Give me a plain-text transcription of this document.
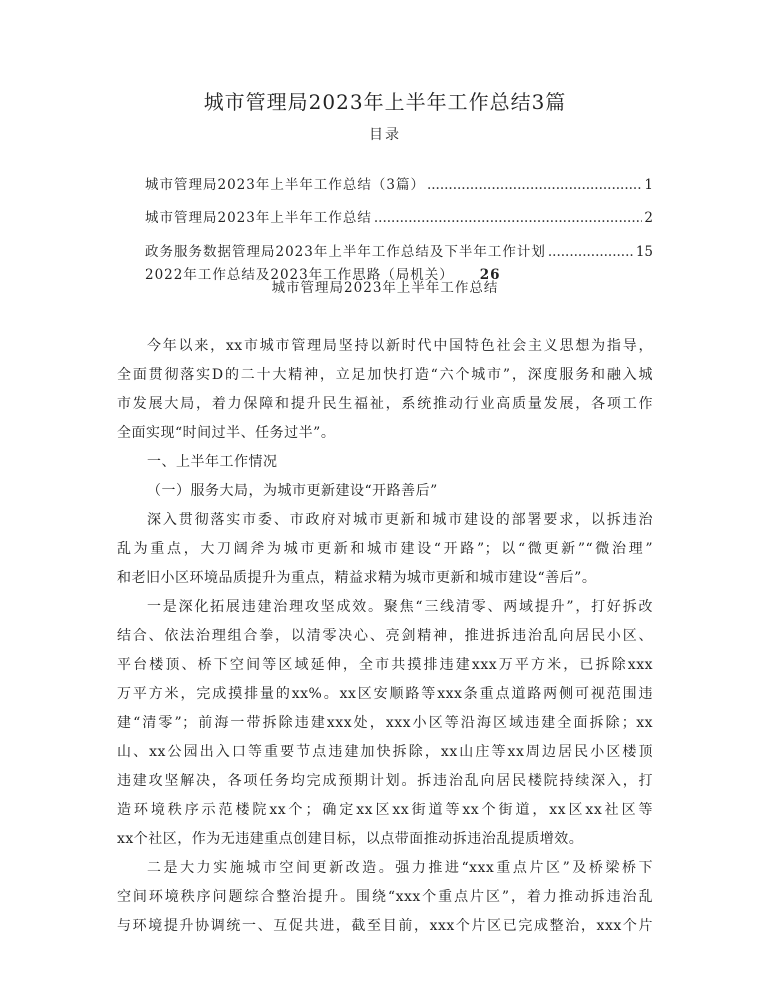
城市管理局2023年上半年工作总结3篇
目录
城市管理局2023年上半年工作总结（3篇） .....	1
城市管理局2023年上半年工作总结 .....	2
政务服务数据管理局2023年上半年工作总结及下半年工作计划 .....	15
2022年工作总结及2023年工作思路（局机关） 26
城市管理局2023年上半年工作总结
今年以来，xx市城市管理局坚持以新时代中国特色社会主义思想为指导，
全面贯彻落实D的二十大精神，立足加快打造“六个城市”，深度服务和融入城
市发展大局，着力保障和提升民生福祉，系统推动行业高质量发展，各项工作
全面实现“时间过半、任务过半”。
一、上半年工作情况
（一）服务大局，为城市更新建设“开路善后”
深入贯彻落实市委、市政府对城市更新和城市建设的部署要求，以拆违治
乱为重点，大刀阔斧为城市更新和城市建设“开路”；以“微更新”“微治理”
和老旧小区环境品质提升为重点，精益求精为城市更新和城市建设“善后”。
一是深化拓展违建治理攻坚成效。聚焦“三线清零、两域提升”，打好拆改
结合、依法治理组合拳，以清零决心、亮剑精神，推进拆违治乱向居民小区、
平台楼顶、桥下空间等区域延伸，全市共摸排违建xxx万平方米，已拆除xxx
万平方米，完成摸排量的xx%。xx区安顺路等xxx条重点道路两侧可视范围违
建“清零”；前海一带拆除违建xxx处，xxx小区等沿海区域违建全面拆除；xx
山、xx公园出入口等重要节点违建加快拆除，xx山庄等xx周边居民小区楼顶
违建攻坚解决，各项任务均完成预期计划。拆违治乱向居民楼院持续深入，打
造环境秩序示范楼院xx个；确定xx区xx街道等xx个街道，xx区xx社区等
xx个社区，作为无违建重点创建目标，以点带面推动拆违治乱提质增效。
二是大力实施城市空间更新改造。强力推进“xxx重点片区”及桥梁桥下
空间环境秩序问题综合整治提升。围绕“xxx个重点片区”，着力推动拆违治乱
与环境提升协调统一、互促共进，截至目前，xxx个片区已完成整治，xxx个片
